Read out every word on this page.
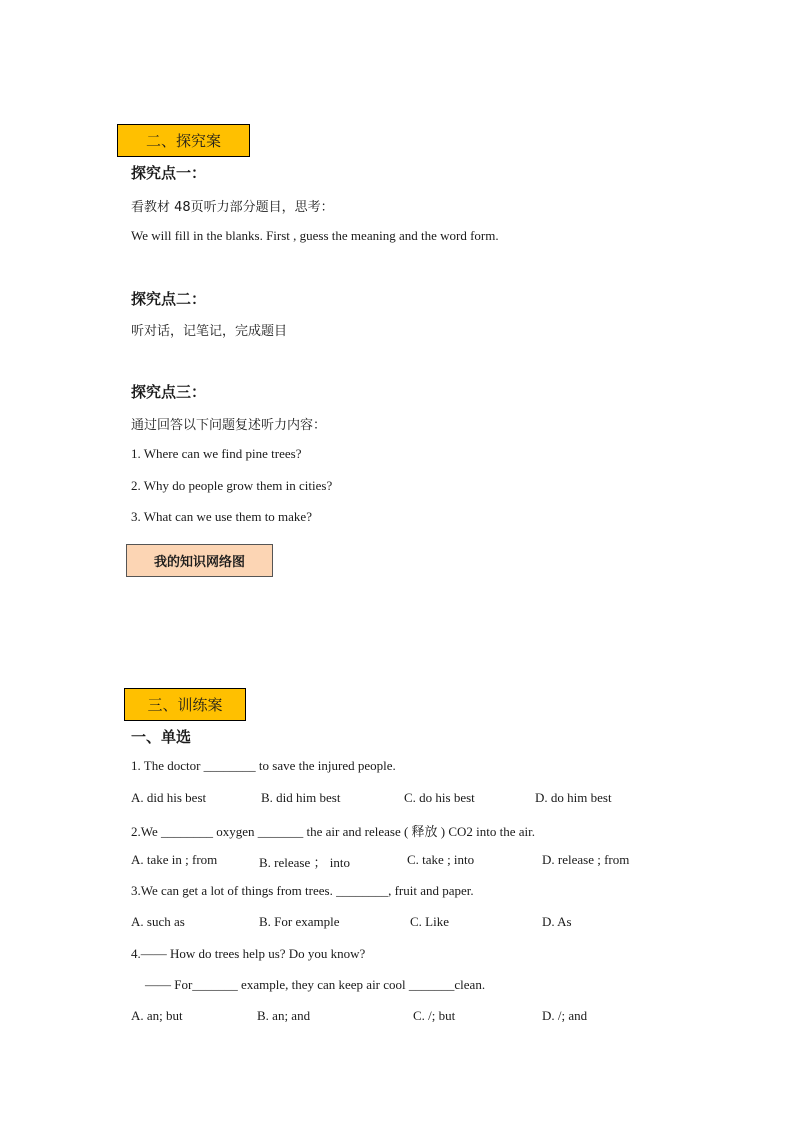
二、探究案
探究点一：
看教材 48页听力部分题目，思考：
We will fill in the blanks. First , guess the meaning and the word form.
探究点二：
听对话，记笔记，完成题目
探究点三：
通过回答以下问题复述听力内容：
1. Where can we find pine trees?
2. Why do people grow them in cities?
3. What can we use them to make?
我的知识网络图
三、训练案
一、单选
1. The doctor ________ to save the injured people.
A. did his best	B. did him best	C. do his best	D. do him best
2.We ________ oxygen _______ the air and release ( 释放 ) CO2 into the air.
A. take in ; from	B. release ； into	C. take ; into	D. release ; from
3.We can get a lot of things from trees. ________, fruit and paper.
A. such as	B. For example	C. Like	D. As
4.—— How do trees help us? Do you know?
—— For_______ example, they can keep air cool _______clean.
A. an; but	B. an; and	C. /; but	D. /; and
